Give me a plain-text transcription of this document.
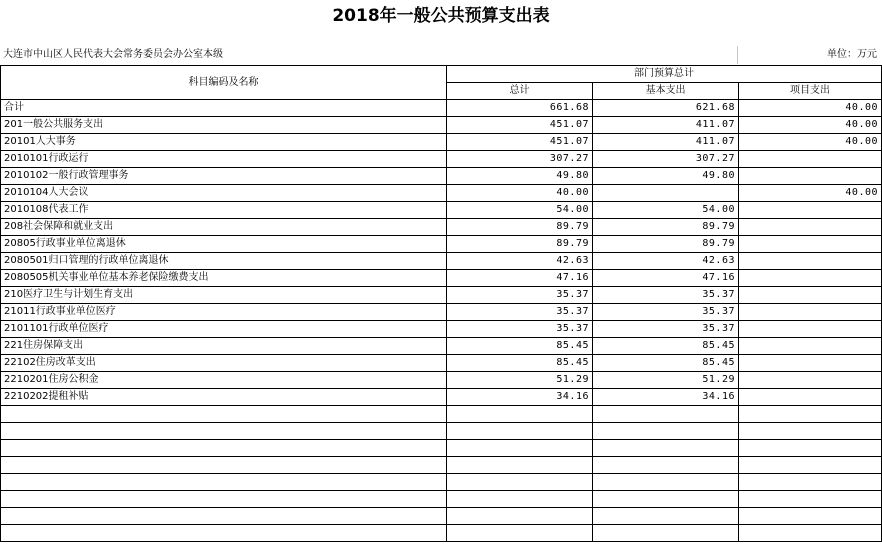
2018年一般公共预算支出表
大连市中山区人民代表大会常务委员会办公室本级	单位：万元
科目编码及名称	部门预算总计		
	总计	基本支出	项目支出
合计	661.68	621.68	40.00
201一般公共服务支出	451.07	411.07	40.00
20101人大事务	451.07	411.07	40.00
2010101行政运行	307.27	307.27	
2010102一般行政管理事务	49.80	49.80	
2010104人大会议	40.00		40.00
2010108代表工作	54.00	54.00	
208社会保障和就业支出	89.79	89.79	
20805行政事业单位离退休	89.79	89.79	
2080501归口管理的行政单位离退休	42.63	42.63	
2080505机关事业单位基本养老保险缴费支出	47.16	47.16	
210医疗卫生与计划生育支出	35.37	35.37	
21011行政事业单位医疗	35.37	35.37	
2101101行政单位医疗	35.37	35.37	
221住房保障支出	85.45	85.45	
22102住房改革支出	85.45	85.45	
2210201住房公积金	51.29	51.29	
2210202提租补贴	34.16	34.16	
